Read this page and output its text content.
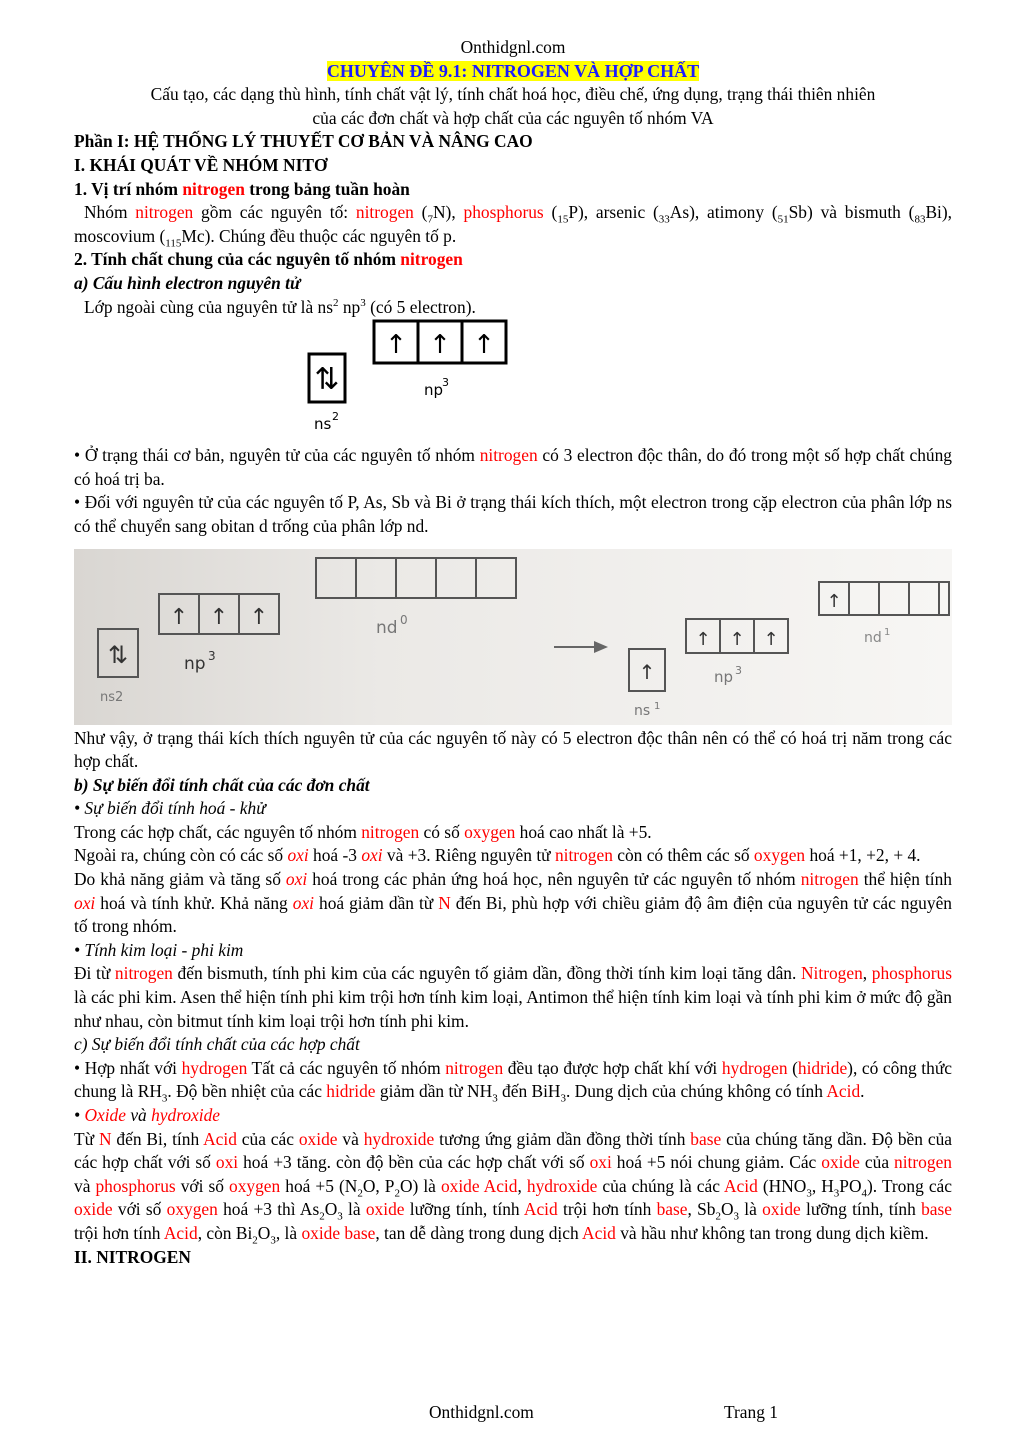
Onthidgnl.com

CHUYÊN ĐỀ 9.1: NITROGEN VÀ HỢP CHẤT

Cấu tạo, các dạng thù hình, tính chất vật lý, tính chất hoá học, điều chế, ứng dụng, trạng thái thiên nhiên

của các đơn chất và hợp chất của các nguyên tố nhóm VA

Phần I: HỆ THỐNG LÝ THUYẾT CƠ BẢN VÀ NÂNG CAO

I. KHÁI QUÁT VỀ NHÓM NITƠ

1. Vị trí nhóm nitrogen trong bảng tuần hoàn

Nhóm nitrogen gồm các nguyên tố: nitrogen $(_7N)$, phosphorus $(_{15}P)$, arsenic $(_{33}As)$, atimony $(_{51}Sb)$ và bismuth $(_{83}Bi)$, moscovium $(_{115}Mc)$. Chúng đều thuộc các nguyên tố p.

2. Tính chất chung của các nguyên tố nhóm nitrogen

a) Cấu hình electron nguyên tử

Lớp ngoài cùng của nguyên tử là $ns^2$ $np^3$ (có 5 electron).

⇅
↑ ↑ ↑
np
3
ns 2

• Ở trạng thái cơ bản, nguyên tử của các nguyên tố nhóm nitrogen có 3 electron độc thân, do đó trong một số hợp chất chúng có hoá trị ba.

• Đối với nguyên tử của các nguyên tố P, As, Sb và Bi ở trạng thái kích thích, một electron trong cặp electron của phân lớp ns có thể chuyển sang obitan d trống của phân lớp nd.

⇅
↑ ↑ ↑
↑
↑ ↑ ↑
↑
ns2
np 3
nd 0
ns 1
np 3
nd 1

Như vậy, ở trạng thái kích thích nguyên tử của các nguyên tố này có 5 electron độc thân nên có thể có hoá trị năm trong các hợp chất.

b) Sự biến đổi tính chất của các đơn chất

• Sự biến đổi tính hoá - khử

Trong các hợp chất, các nguyên tố nhóm nitrogen có số oxygen hoá cao nhất là +5.

Ngoài ra, chúng còn có các số oxi hoá -3 oxi và +3. Riêng nguyên tử nitrogen còn có thêm các số oxygen hoá +1, +2, + 4.

Do khả năng giảm và tăng số oxi hoá trong các phản ứng hoá học, nên nguyên tử các nguyên tố nhóm nitrogen thể hiện tính oxi hoá và tính khử. Khả năng oxi hoá giảm dần từ N đến Bi, phù hợp với chiều giảm độ âm điện của nguyên tử các nguyên tố trong nhóm.

• Tính kim loại - phi kim

Đi từ nitrogen đến bismuth, tính phi kim của các nguyên tố giảm dần, đồng thời tính kim loại tăng dân. Nitrogen, phosphorus là các phi kim. Asen thể hiện tính phi kim trội hơn tính kim loại, Antimon thể hiện tính kim loại và tính phi kim ở mức độ gần như nhau, còn bitmut tính kim loại trội hơn tính phi kim.

c) Sự biến đổi tính chất của các hợp chất

• Hợp nhất với hydrogen Tất cả các nguyên tố nhóm nitrogen đều tạo được hợp chất khí với hydrogen (hidride), có công thức chung là $RH_3$. Độ bền nhiệt của các hidride giảm dần từ $NH_3$ đến BiH$_3$. Dung dịch của chúng không có tính Acid.

• Oxide và hydroxide

Từ N đến Bi, tính Acid của các oxide và hydroxide tương ứng giảm dần đồng thời tính base của chúng tăng dần. Độ bền của các hợp chất với số oxi hoá +3 tăng. còn độ bền của các hợp chất với số oxi hoá +5 nói chung giảm. Các oxide của nitrogen và phosphorus với số oxygen hoá +5 ($N_2O$, $P_2O$) là oxide Acid, hydroxide của chúng là các Acid ($HNO_3$, $H_3PO_4$). Trong các oxide với số oxygen hoá +3 thì $As_2O_3$ là oxide lưỡng tính, tính Acid trội hơn tính base, $Sb_2O_3$ là oxide lưỡng tính, tính base trội hơn tính Acid, còn $Bi_2O_3$, là oxide base, tan dễ dàng trong dung dịch Acid và hầu như không tan trong dung dịch kiềm.

II. NITROGEN

Onthidgnl.com	Trang 1
